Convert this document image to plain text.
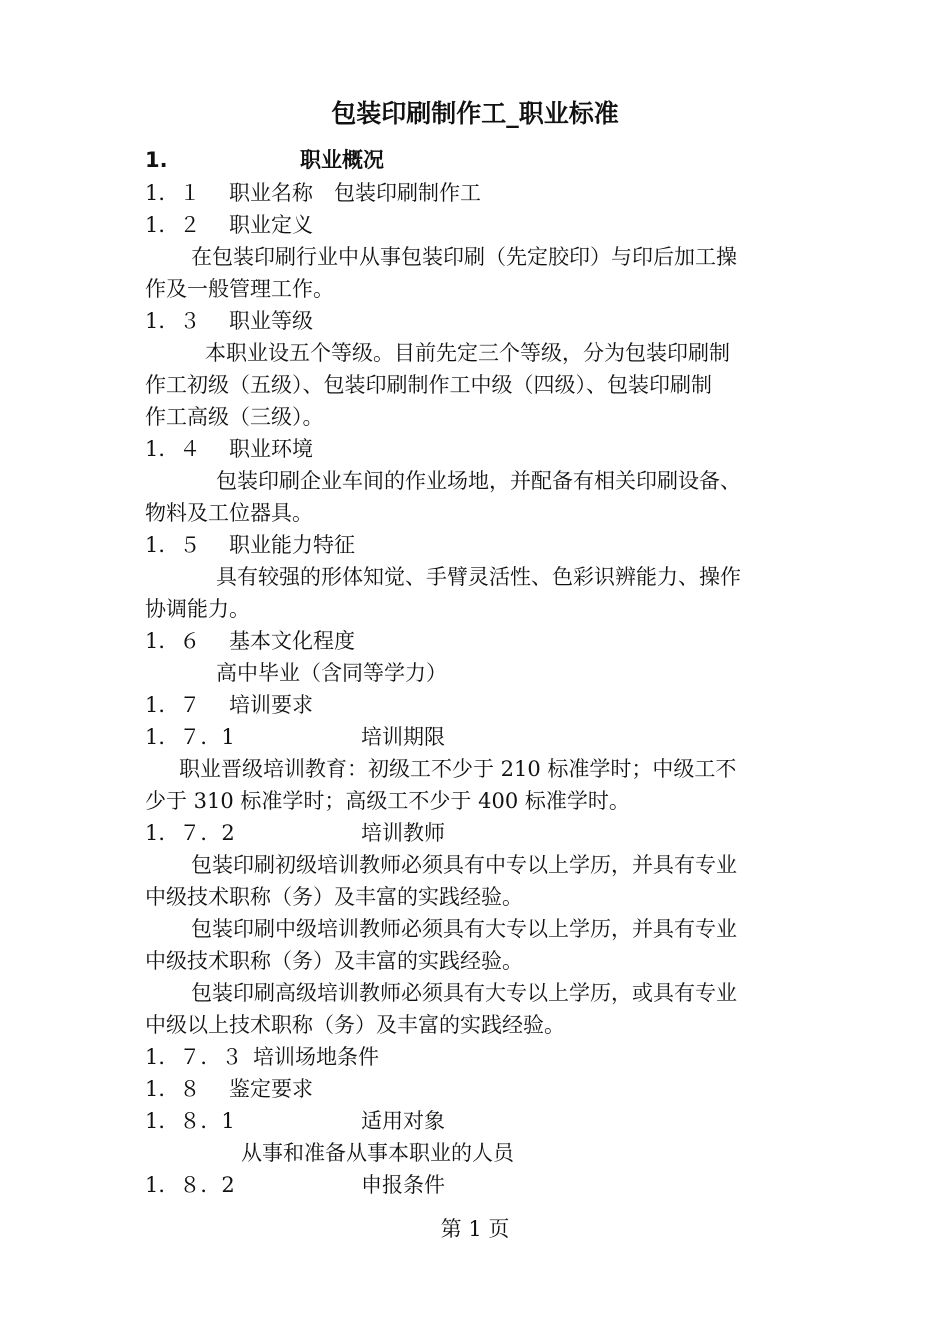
包装印刷制作工_职业标准
1.	职业概况
1．１ 职业名称　包装印刷制作工
1．２ 职业定义
在包装印刷行业中从事包装印刷（先定胶印）与印后加工操
作及一般管理工作。
1．３ 职业等级
本职业设五个等级。目前先定三个等级，分为包装印刷制
作工初级（五级）、包装印刷制作工中级（四级）、包装印刷制
作工高级（三级）。
1．４ 职业环境
包装印刷企业车间的作业场地，并配备有相关印刷设备、
物料及工位器具。
1．５ 职业能力特征
具有较强的形体知觉、手臂灵活性、色彩识辨能力、操作
协调能力。
1．６ 基本文化程度
高中毕业（含同等学力）
1．７ 培训要求
1．７．1	培训期限
职业晋级培训教育：初级工不少于 210 标准学时；中级工不
少于 310 标准学时；高级工不少于 400 标准学时。
1．７．2	培训教师
包装印刷初级培训教师必须具有中专以上学历，并具有专业
中级技术职称（务）及丰富的实践经验。
包装印刷中级培训教师必须具有大专以上学历，并具有专业
中级技术职称（务）及丰富的实践经验。
包装印刷高级培训教师必须具有大专以上学历，或具有专业
中级以上技术职称（务）及丰富的实践经验。
1．７．３ 培训场地条件
1．８ 鉴定要求
1．８．1	适用对象
从事和准备从事本职业的人员
1．８．2	申报条件
第 1 页
